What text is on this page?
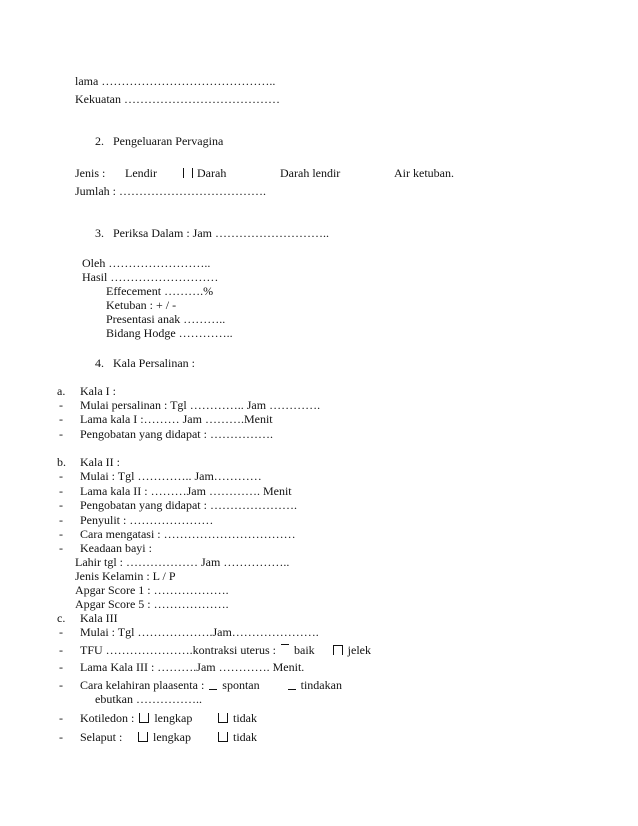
lama ……………………………………..
Kekuatan …………………………………
2. Pengeluaran Pervagina
Jenis : Lendir	Darah	Darah lendir	Air ketuban.
Jumlah : ……………………………….
3. Periksa Dalam : Jam ………………………..
Oleh ……………………..
Hasil ………………………
Effecement ……….%
Ketuban : + / -
Presentasi anak ………..
Bidang Hodge …………..
4. Kala Persalinan :
a. Kala I :
- Mulai persalinan : Tgl ………….. Jam ………….
- Lama kala I :……… Jam ……….Menit
- Pengobatan yang didapat : …………….
b. Kala II :
- Mulai : Tgl ………….. Jam…………
- Lama kala II : ………Jam …………. Menit
- Pengobatan yang didapat : ………………….
- Penyulit : …………………
- Cara mengatasi : ……………………………
- Keadaan bayi :
Lahir tgl : ……………… Jam ……………..
Jenis Kelamin : L / P
Apgar Score 1 : ……………….
Apgar Score 5 : ……………….
c. Kala III
- Mulai : Tgl ……………….Jam………………….
- TFU ………………….kontraksi uterus : baik	jelek
- Lama Kala III : ……….Jam …………. Menit.
- Cara kelahiran plaasenta : spontan	tindakan
ebutkan ……………..
- Kotiledon : lengkap	tidak
- Selaput :	lengkap	tidak
